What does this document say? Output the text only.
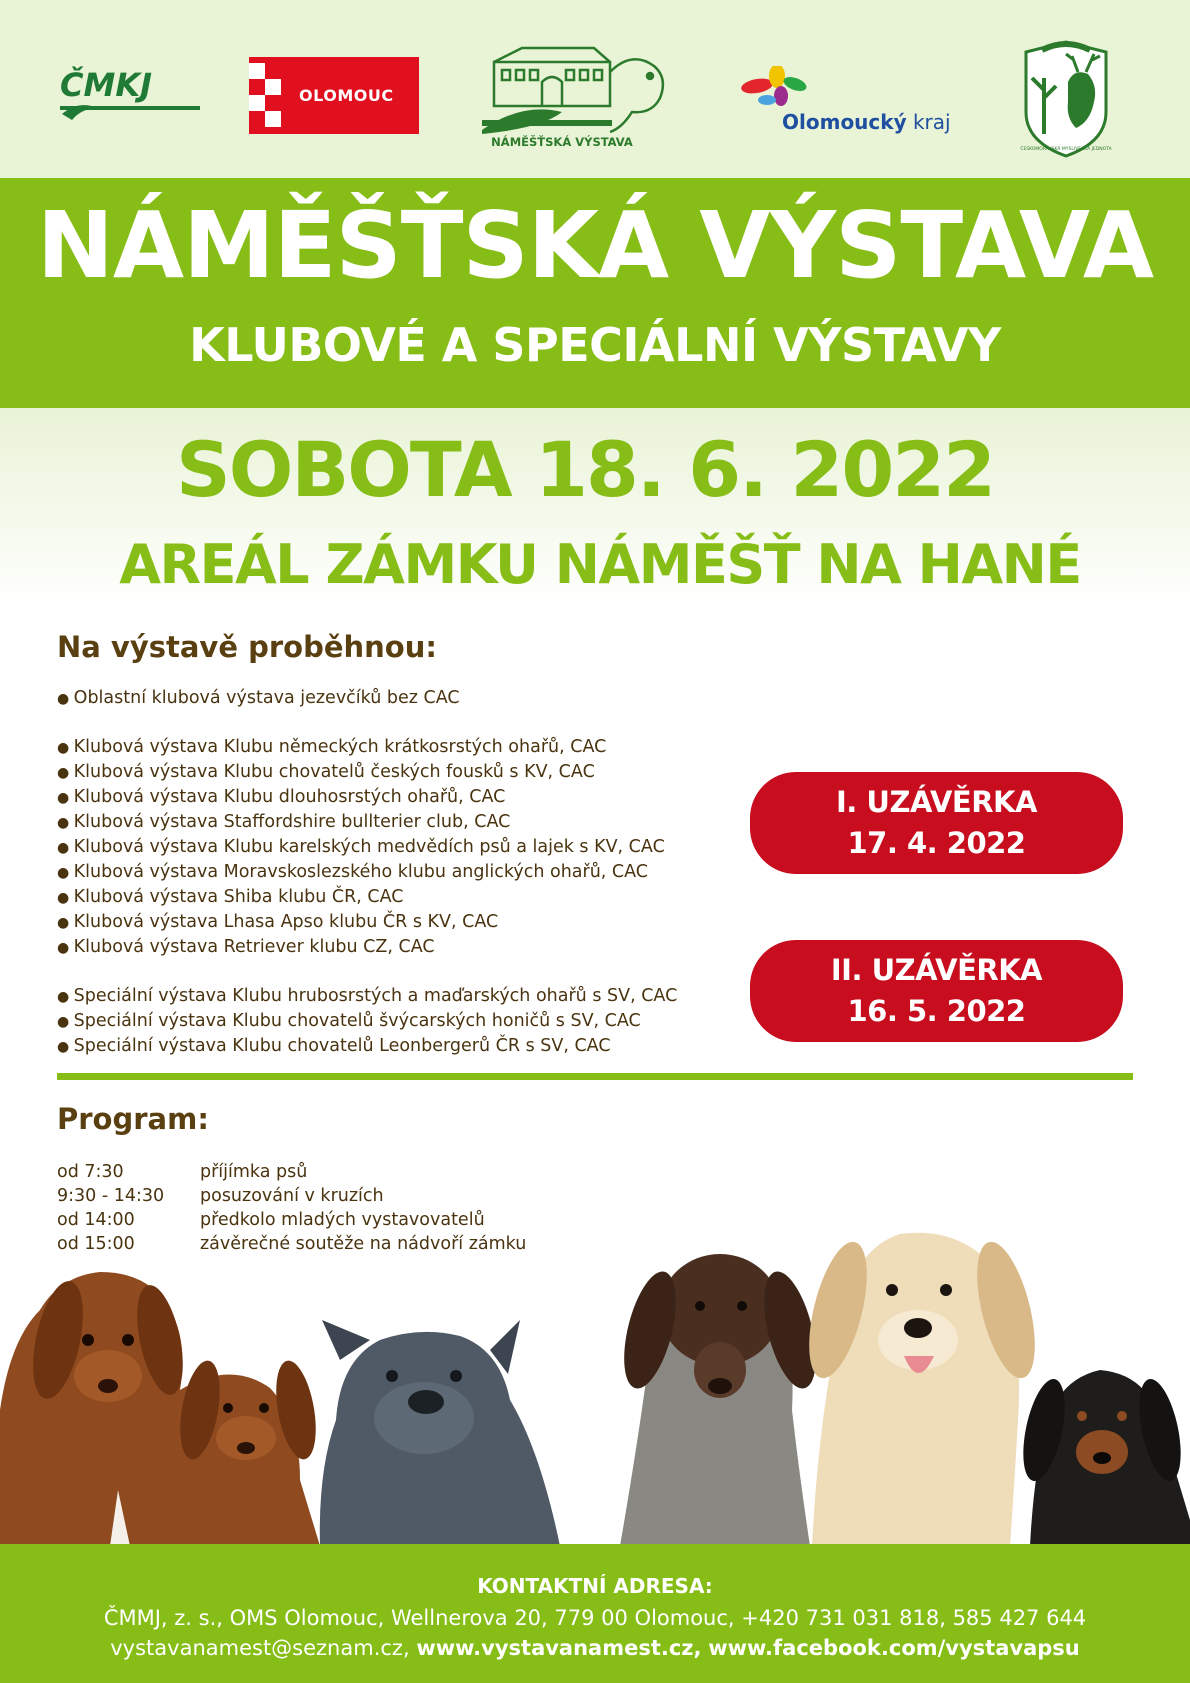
ČMKJ	OLOMOUC
NÁMĚŠŤSKÁ VÝSTAVA
Olomoucký kraj
ČESKOMORAVSKÁ MYSLIVECKÁ JEDNOTA
NÁMĚŠŤSKÁ VÝSTAVA
KLUBOVÉ A SPECIÁLNÍ VÝSTAVY
SOBOTA 18. 6. 2022
AREÁL ZÁMKU NÁMĚŠŤ NA HANÉ
Na výstavě proběhnou:
● Oblastní klubová výstava jezevčíků bez CAC
● Klubová výstava Klubu německých krátkosrstých ohařů, CAC
● Klubová výstava Klubu chovatelů českých fousků s KV, CAC
● Klubová výstava Klubu dlouhosrstých ohařů, CAC
● Klubová výstava Staffordshire bullterier club, CAC
● Klubová výstava Klubu karelských medvědích psů a lajek s KV, CAC
● Klubová výstava Moravskoslezského klubu anglických ohařů, CAC
● Klubová výstava Shiba klubu ČR, CAC
● Klubová výstava Lhasa Apso klubu ČR s KV, CAC
● Klubová výstava Retriever klubu CZ, CAC
● Speciální výstava Klubu hrubosrstých a maďarských ohařů s SV, CAC
● Speciální výstava Klubu chovatelů švýcarských honičů s SV, CAC
● Speciální výstava Klubu chovatelů Leonbergerů ČR s SV, CAC
I. UZÁVĚRKA
17. 4. 2022
II. UZÁVĚRKA
16. 5. 2022
Program:
od 7:30	příjímka psů
9:30 - 14:30	posuzování v kruzích
od 14:00	předkolo mladých vystavovatelů
od 15:00	závěrečné soutěže na nádvoří zámku
KONTAKTNÍ ADRESA:
ČMMJ, z. s., OMS Olomouc, Wellnerova 20, 779 00 Olomouc, +420 731 031 818, 585 427 644
vystavanamest@seznam.cz, www.vystavanamest.cz, www.facebook.com/vystavapsu
